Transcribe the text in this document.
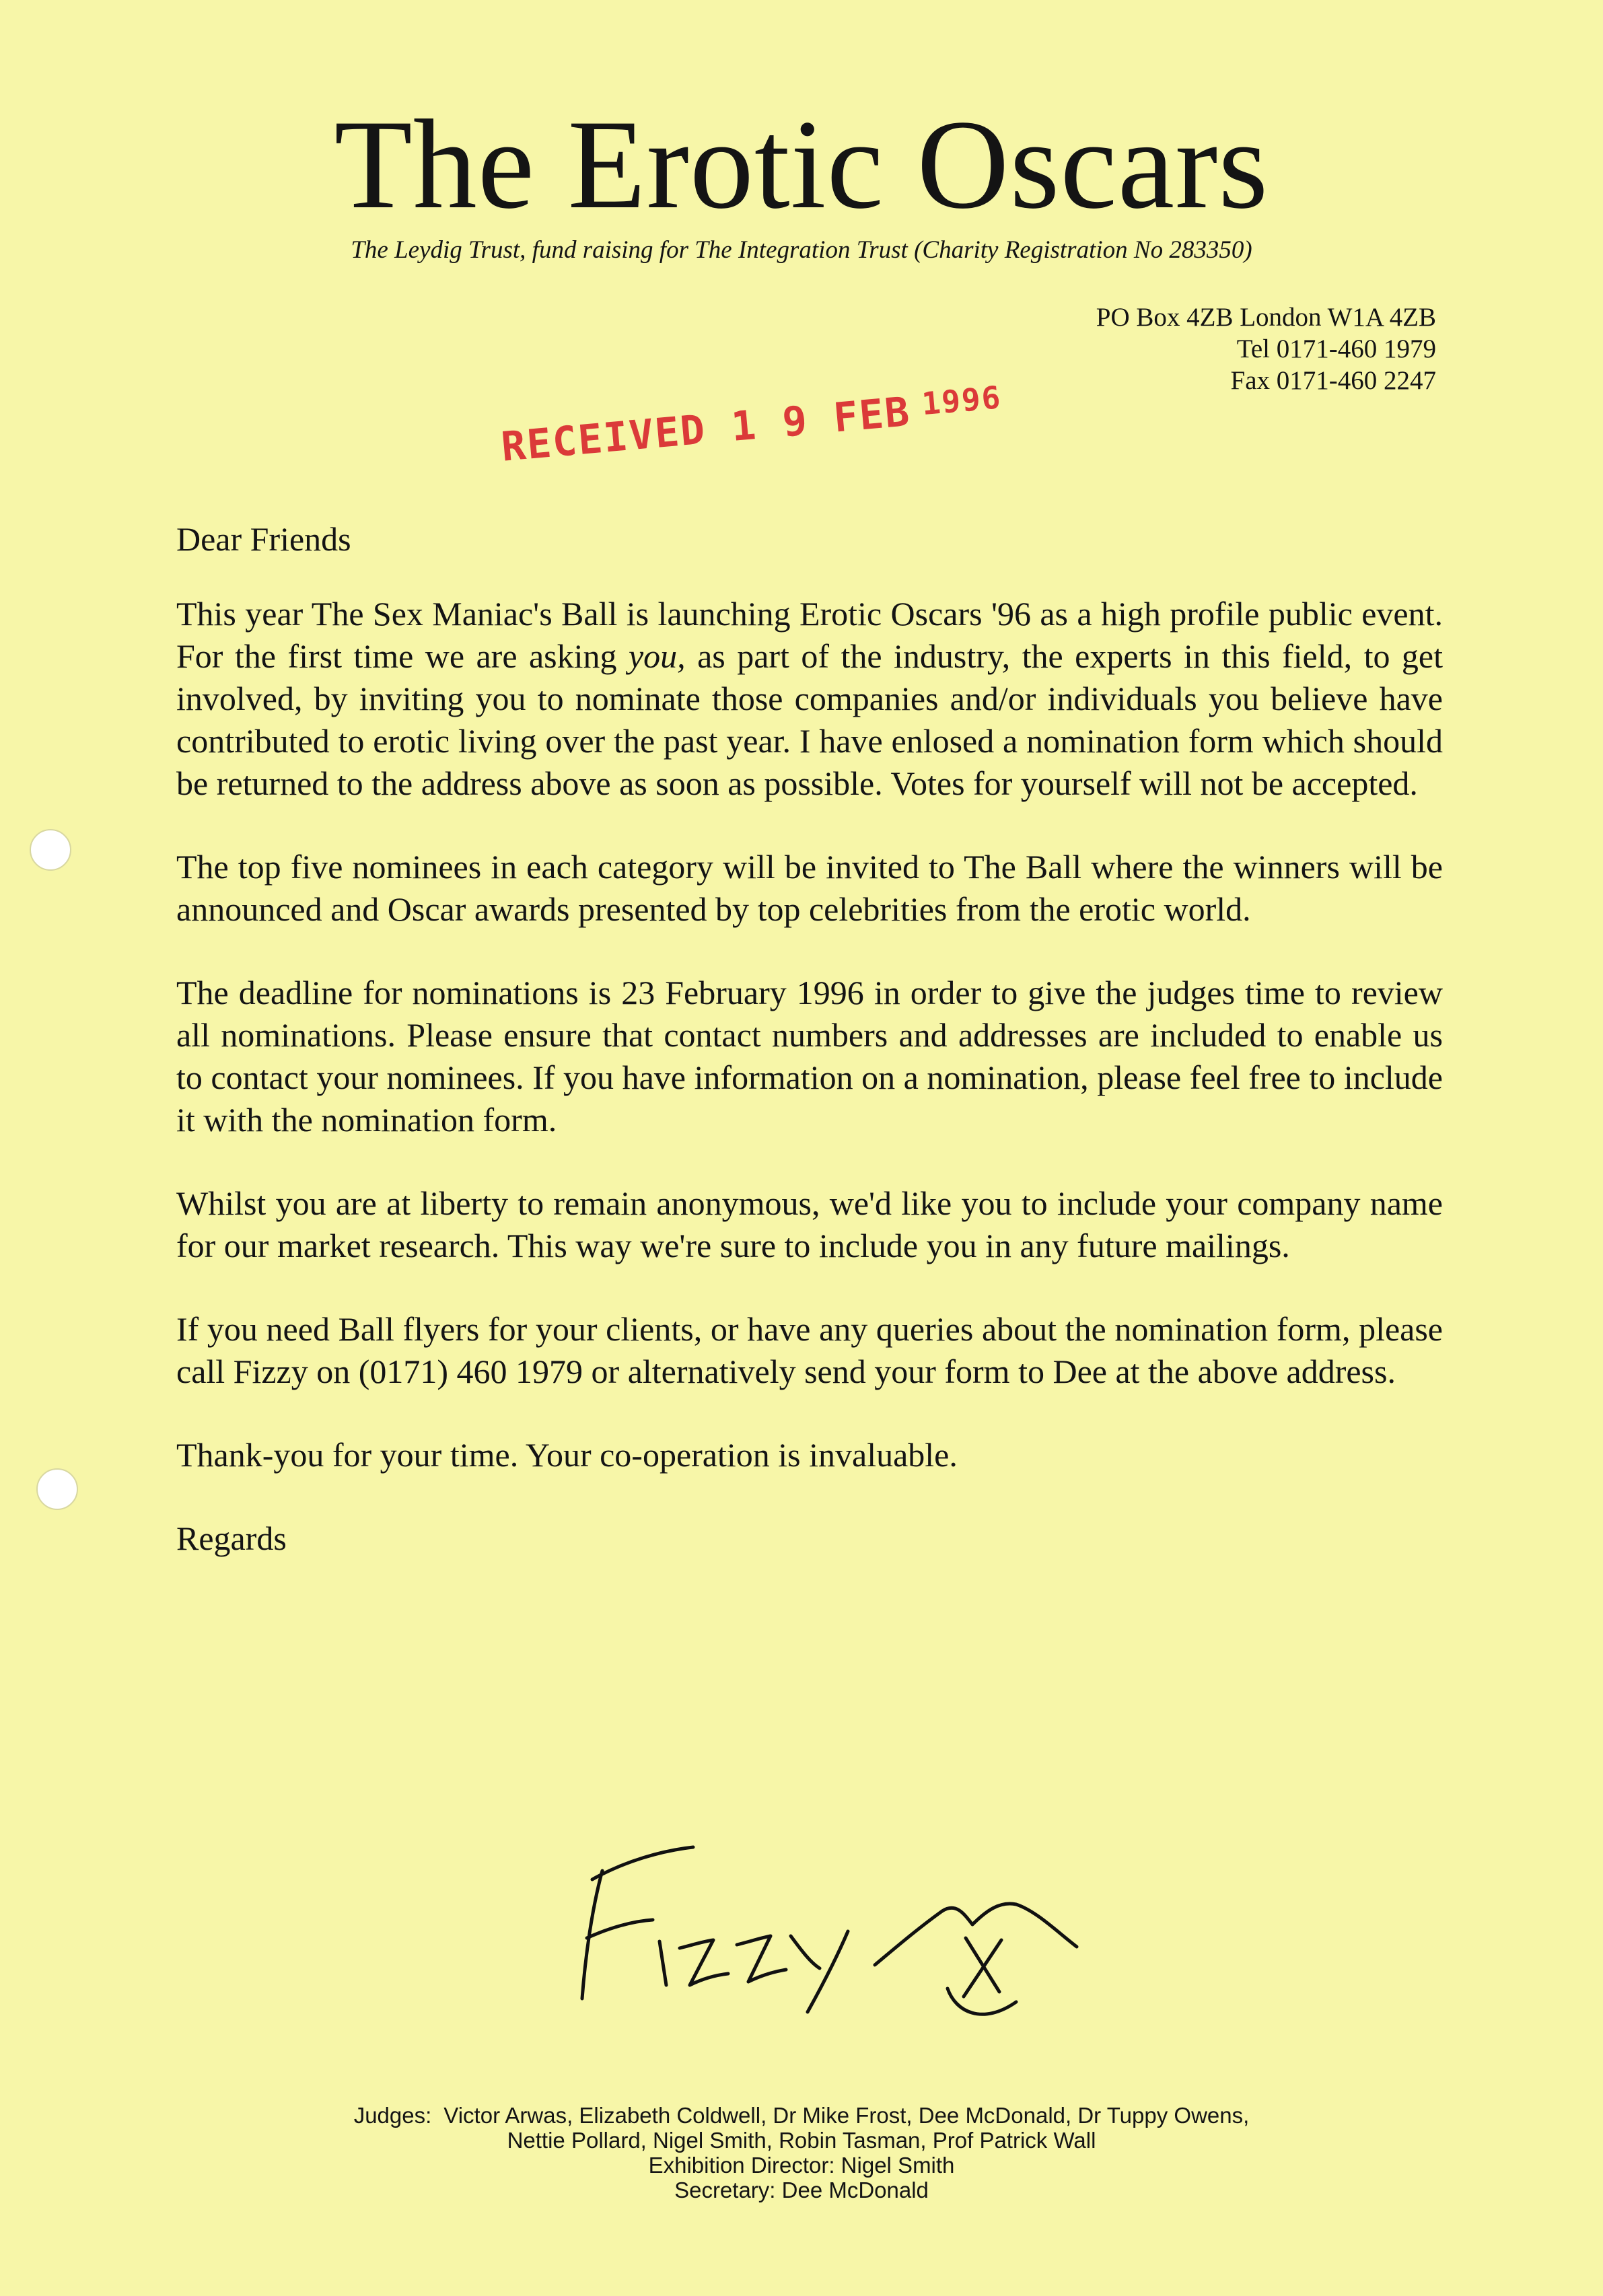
The Erotic Oscars
The Leydig Trust, fund raising for The Integration Trust (Charity Registration No 283350)
PO Box 4ZB London W1A 4ZB
Tel 0171-460 1979
Fax 0171-460 2247
RECEIVED 1 9 FEB $^{1996}$

Dear Friends

This year The Sex Maniac's Ball is launching Erotic Oscars '96 as a high profile public event. For the first time we are asking you, as part of the industry, the experts in this field, to get involved, by inviting you to nominate those companies and/or individuals you believe have contributed to erotic living over the past year. I have enlosed a nomination form which should be returned to the address above as soon as possible. Votes for yourself will not be accepted.

The top five nominees in each category will be invited to The Ball where the winners will be announced and Oscar awards presented by top celebrities from the erotic world.

The deadline for nominations is 23 February 1996 in order to give the judges time to review all nominations. Please ensure that contact numbers and addresses are included to enable us to contact your nominees. If you have information on a nomination, please feel free to include it with the nomination form.

Whilst you are at liberty to remain anonymous, we'd like you to include your company name for our market research. This way we're sure to include you in any future mailings.

If you need Ball flyers for your clients, or have any queries about the nomination form, please call Fizzy on (0171) 460 1979 or alternatively send your form to Dee at the above address.

Thank-you for your time. Your co-operation is invaluable.

Regards

Judges: Victor Arwas, Elizabeth Coldwell, Dr Mike Frost, Dee McDonald, Dr Tuppy Owens,
Nettie Pollard, Nigel Smith, Robin Tasman, Prof Patrick Wall
Exhibition Director: Nigel Smith
Secretary: Dee McDonald
